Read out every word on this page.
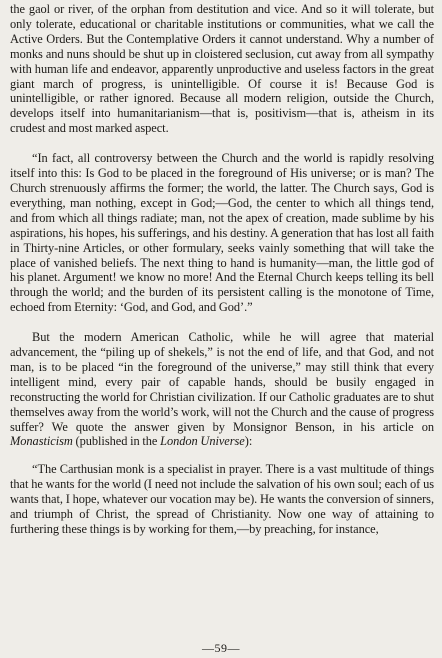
the gaol or river, of the orphan from destitution and vice. And so it will tolerate, but only tolerate, educational or charitable institutions or communities, what we call the Active Orders. But the Contemplative Orders it cannot understand. Why a number of monks and nuns should be shut up in cloistered seclusion, cut away from all sympathy with human life and endeavor, apparently unproductive and useless factors in the great giant march of progress, is unintelligible. Of course it is! Because God is unintelligible, or rather ignored. Because all modern religion, outside the Church, develops itself into humanitarianism—that is, positivism—that is, atheism in its crudest and most marked aspect.

“In fact, all controversy between the Church and the world is rapidly resolving itself into this: Is God to be placed in the foreground of His universe; or is man? The Church strenuously affirms the former; the world, the latter. The Church says, God is everything, man nothing, except in God;—God, the center to which all things tend, and from which all things radiate; man, not the apex of creation, made sublime by his aspirations, his hopes, his sufferings, and his destiny. A generation that has lost all faith in Thirty-nine Articles, or other formulary, seeks vainly something that will take the place of vanished beliefs. The next thing to hand is humanity—man, the little god of his planet. Argument! we know no more! And the Eternal Church keeps telling its bell through the world; and the burden of its persistent calling is the monotone of Time, echoed from Eternity: ‘God, and God, and God’.”

But the modern American Catholic, while he will agree that material advancement, the “piling up of shekels,” is not the end of life, and that God, and not man, is to be placed “in the foreground of the universe,” may still think that every intelligent mind, every pair of capable hands, should be busily engaged in reconstructing the world for Christian civilization. If our Catholic graduates are to shut themselves away from the world’s work, will not the Church and the cause of progress suffer? We quote the answer given by Monsignor Benson, in his article on Monasticism (published in the London Universe):

“The Carthusian monk is a specialist in prayer. There is a vast multitude of things that he wants for the world (I need not include the salvation of his own soul; each of us wants that, I hope, whatever our vocation may be). He wants the conversion of sinners, and triumph of Christ, the spread of Christianity. Now one way of attaining to furthering these things is by working for them,—by preaching, for instance,

—59—
